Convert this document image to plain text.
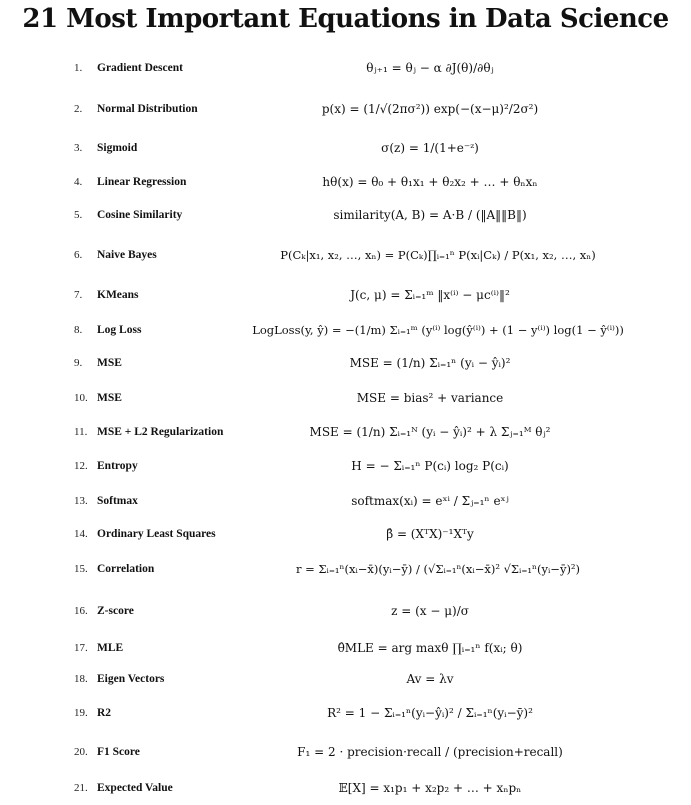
21 Most Important Equations in Data Science
1. Gradient Descent	θⱼ₊₁ = θⱼ − α ∂J(θ)/∂θⱼ
2. Normal Distribution	p(x) = (1/√(2πσ²)) exp(−(x−μ)²/2σ²)
3. Sigmoid	σ(z) = 1/(1+e⁻ᶻ)
4. Linear Regression	hθ(x) = θ₀ + θ₁x₁ + θ₂x₂ + … + θₙxₙ
5. Cosine Similarity	similarity(A, B) = A·B / (‖A‖‖B‖)
6. Naive Bayes	P(Cₖ|x₁, x₂, …, xₙ) = P(Cₖ)∏ᵢ₌₁ⁿ P(xᵢ|Cₖ) / P(x₁, x₂, …, xₙ)
7. KMeans	J(c, μ) = Σᵢ₌₁ᵐ ‖x⁽ⁱ⁾ − μc⁽ⁱ⁾‖²
8. Log Loss	LogLoss(y, ŷ) = −(1/m) Σᵢ₌₁ᵐ (y⁽ⁱ⁾ log(ŷ⁽ⁱ⁾) + (1 − y⁽ⁱ⁾) log(1 − ŷ⁽ⁱ⁾))
9. MSE	MSE = (1/n) Σᵢ₌₁ⁿ (yᵢ − ŷᵢ)²
10. MSE	MSE = bias² + variance
11. MSE + L2 Regularization	MSE = (1/n) Σᵢ₌₁ᴺ (yᵢ − ŷᵢ)² + λ Σⱼ₌₁ᴹ θⱼ²
12. Entropy	H = − Σᵢ₌₁ⁿ P(cᵢ) log₂ P(cᵢ)
13. Softmax	softmax(xᵢ) = eˣⁱ / Σⱼ₌₁ⁿ eˣʲ
14. Ordinary Least Squares	β̂ = (XᵀX)⁻¹Xᵀy
15. Correlation	r = Σᵢ₌₁ⁿ(xᵢ−x̄)(yᵢ−ȳ) / (√Σᵢ₌₁ⁿ(xᵢ−x̄)² √Σᵢ₌₁ⁿ(yᵢ−ȳ)²)
16. Z-score	z = (x − μ)/σ
17. MLE	θ̂MLE = arg maxθ ∏ᵢ₌₁ⁿ f(xᵢ; θ)
18. Eigen Vectors	Av = λv
19. R2	R² = 1 − Σᵢ₌₁ⁿ(yᵢ−ŷᵢ)² / Σᵢ₌₁ⁿ(yᵢ−ȳ)²
20. F1 Score	F₁ = 2 · precision·recall / (precision+recall)
21. Expected Value	𝔼[X] = x₁p₁ + x₂p₂ + … + xₙpₙ
